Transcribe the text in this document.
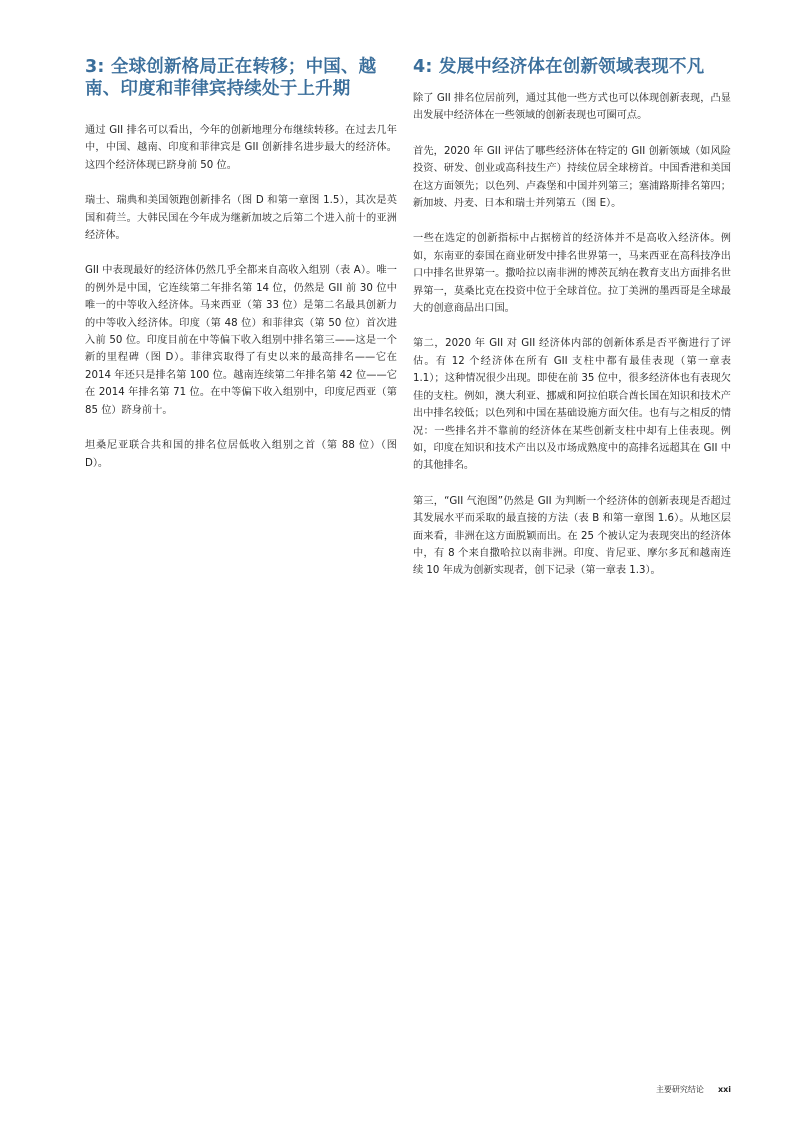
3: 全球创新格局正在转移；中国、越南、印度和菲律宾持续处于上升期

通过 GII 排名可以看出，今年的创新地理分布继续转移。在过去几年中，中国、越南、印度和菲律宾是 GII 创新排名进步最大的经济体。这四个经济体现已跻身前 50 位。

瑞士、瑞典和美国领跑创新排名（图 D 和第一章图 1.5），其次是英国和荷兰。大韩民国在今年成为继新加坡之后第二个进入前十的亚洲经济体。

GII 中表现最好的经济体仍然几乎全都来自高收入组别（表 A）。唯一的例外是中国，它连续第二年排名第 14 位，仍然是 GII 前 30 位中唯一的中等收入经济体。马来西亚（第 33 位）是第二名最具创新力的中等收入经济体。印度（第 48 位）和菲律宾（第 50 位）首次进入前 50 位。印度目前在中等偏下收入组别中排名第三——这是一个新的里程碑（图 D）。菲律宾取得了有史以来的最高排名——它在 2014 年还只是排名第 100 位。越南连续第二年排名第 42 位——它在 2014 年排名第 71 位。在中等偏下收入组别中，印度尼西亚（第 85 位）跻身前十。

坦桑尼亚联合共和国的排名位居低收入组别之首（第 88 位）（图 D）。

4: 发展中经济体在创新领域表现不凡

除了 GII 排名位居前列，通过其他一些方式也可以体现创新表现，凸显出发展中经济体在一些领域的创新表现也可圈可点。

首先，2020 年 GII 评估了哪些经济体在特定的 GII 创新领域（如风险投资、研发、创业或高科技生产）持续位居全球榜首。中国香港和美国在这方面领先；以色列、卢森堡和中国并列第三；塞浦路斯排名第四；新加坡、丹麦、日本和瑞士并列第五（图 E）。

一些在选定的创新指标中占据榜首的经济体并不是高收入经济体。例如，东南亚的泰国在商业研发中排名世界第一，马来西亚在高科技净出口中排名世界第一。撒哈拉以南非洲的博茨瓦纳在教育支出方面排名世界第一，莫桑比克在投资中位于全球首位。拉丁美洲的墨西哥是全球最大的创意商品出口国。

第二，2020 年 GII 对 GII 经济体内部的创新体系是否平衡进行了评估。有 12 个经济体在所有 GII 支柱中都有最佳表现（第一章表 1.1）；这种情况很少出现。即使在前 35 位中，很多经济体也有表现欠佳的支柱。例如，澳大利亚、挪威和阿拉伯联合酋长国在知识和技术产出中排名较低；以色列和中国在基础设施方面欠佳。也有与之相反的情况：一些排名并不靠前的经济体在某些创新支柱中却有上佳表现。例如，印度在知识和技术产出以及市场成熟度中的高排名远超其在 GII 中的其他排名。

第三，“GII 气泡图”仍然是 GII 为判断一个经济体的创新表现是否超过其发展水平而采取的最直接的方法（表 B 和第一章图 1.6）。从地区层面来看，非洲在这方面脱颖而出。在 25 个被认定为表现突出的经济体中，有 8 个来自撒哈拉以南非洲。印度、肯尼亚、摩尔多瓦和越南连续 10 年成为创新实现者，创下记录（第一章表 1.3）。

主要研究结论 xxi
